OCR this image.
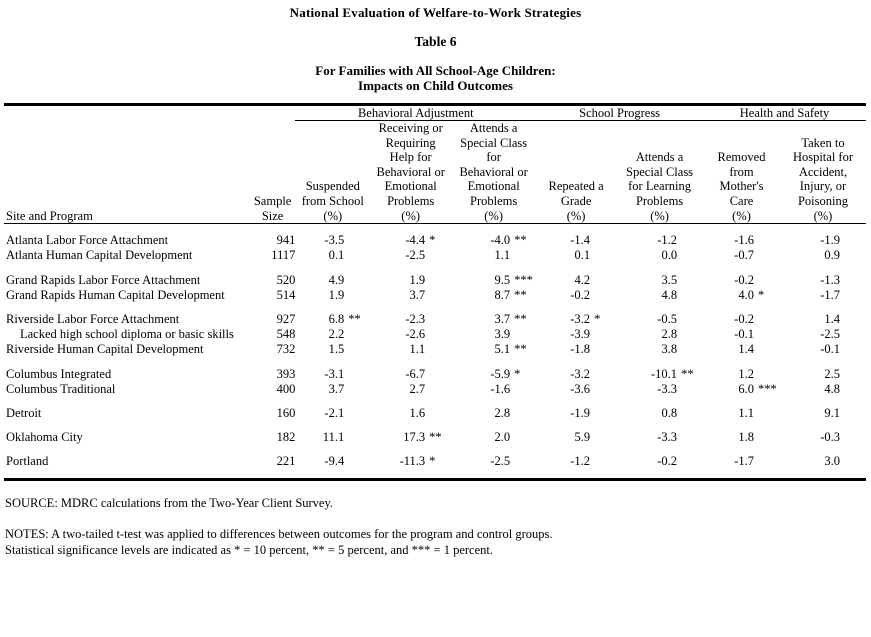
National Evaluation of Welfare-to-Work Strategies
Table 6
For Families with All School-Age Children:
Impacts on Child Outcomes
		Behavioral Adjustment			School Progress		Health and Safety	
Site and Program	
Sample
Size

Suspended
from School
(%)

Receiving or
Requiring
Help for
Behavioral or
Emotional
Problems
(%)

Attends a
Special Class
for
Behavioral or
Emotional
Problems
(%)

Repeated a
Grade
(%)

Attends a
Special Class
for Learning
Problems
(%)

Removed
from
Mother's
Care
(%)

Taken to
Hospital for
Accident,
Injury, or
Poisoning
(%)

Atlanta Labor Force Attachment	941	-3.5	-4.4 *	-4.0 **	-1.4	-1.2	-1.6	-1.9

Atlanta Human Capital Development	1117	0.1	-2.5	1.1	0.1	0.0	-0.7	0.9

Grand Rapids Labor Force Attachment	520	4.9	1.9	9.5 ***	4.2	3.5	-0.2	-1.3

Grand Rapids Human Capital Development	514	1.9	3.7	8.7 **	-0.2	4.8	4.0 *	-1.7

Riverside Labor Force Attachment	927	6.8 **	-2.3	3.7 **	-3.2 *	-0.5	-0.2	1.4

Lacked high school diploma or basic skills	548	2.2	-2.6	3.9	-3.9	2.8	-0.1	-2.5

Riverside Human Capital Development	732	1.5	1.1	5.1 **	-1.8	3.8	1.4	-0.1

Columbus Integrated	393	-3.1	-6.7	-5.9 *	-3.2	-10.1 **	1.2	2.5

Columbus Traditional	400	3.7	2.7	-1.6	-3.6	-3.3	6.0 ***	4.8

Detroit	160	-2.1	1.6	2.8	-1.9	0.8	1.1	9.1

Oklahoma City	182	11.1	17.3 **	2.0	5.9	-3.3	1.8	-0.3

Portland	221	-9.4	-11.3 *	-2.5	-1.2	-0.2	-1.7	3.0

SOURCE: MDRC calculations from the Two-Year Client Survey.
NOTES: A two-tailed t-test was applied to differences between outcomes for the program and control groups.
Statistical significance levels are indicated as * = 10 percent, ** = 5 percent, and *** = 1 percent.
